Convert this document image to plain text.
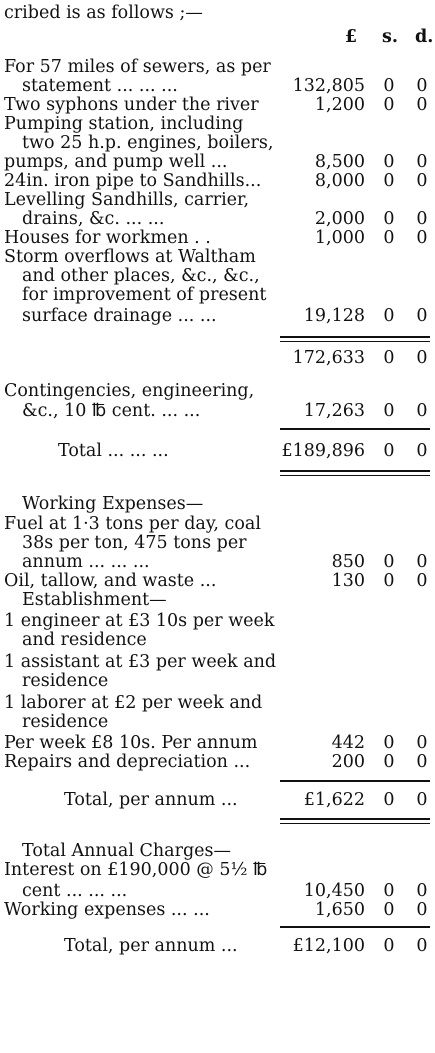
cribed is as follows ;—
£ s. d.
For 57 miles of sewers, as per
statement ... ... ...	132,805 0 0
Two syphons under the river	1,200 0 0
Pumping station, including
two 25 h.p. engines, boilers,
pumps, and pump well ...	8,500 0 0
24in. iron pipe to Sandhills...	8,000 0 0
Levelling Sandhills, carrier,
drains, &c. ... ...	2,000 0 0
Houses for workmen . .	1,000 0 0
Storm overflows at Waltham
and other places, &c., &c.,
for improvement of present
surface drainage ... ...	19,128 0 0
172,633 0 0
Contingencies, engineering,
&c., 10 ℔ cent. ... ...	17,263 0 0
Total ... ... ...	£189,896 0 0
Working Expenses—
Fuel at 1·3 tons per day, coal
38s per ton, 475 tons per
annum ... ... ...	850 0 0
Oil, tallow, and waste ...	130 0 0
Establishment—
1 engineer at £3 10s per week
and residence
1 assistant at £3 per week and
residence
1 laborer at £2 per week and
residence
Per week £8 10s. Per annum	442 0 0
Repairs and depreciation ...	200 0 0
Total, per annum ...	£1,622 0 0
Total Annual Charges—
Interest on £190,000 @ 5½ ℔
cent ... ... ...	10,450 0 0
Working expenses ... ...	1,650 0 0
Total, per annum ...	£12,100 0 0
